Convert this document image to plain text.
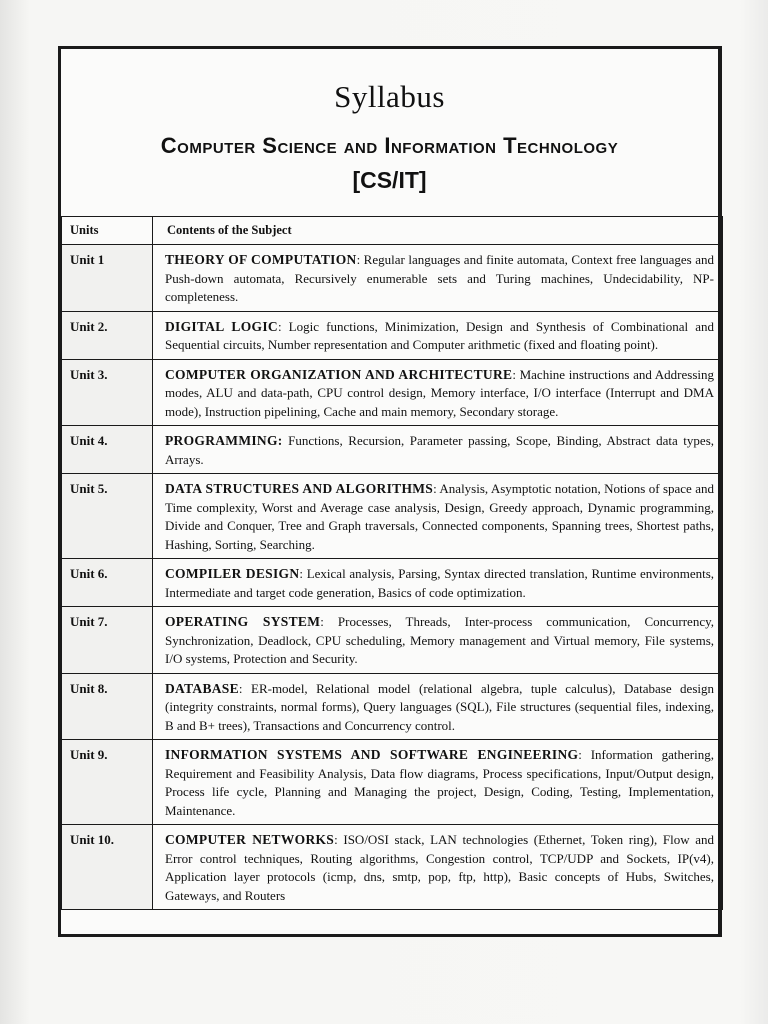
Syllabus
Computer Science and Information Technology
[CS/IT]
Units	Contents of the Subject
Unit 1	THEORY OF COMPUTATION: Regular languages and finite automata, Context free languages and Push-down automata, Recursively enumerable sets and Turing machines, Undecidability, NP-completeness.
Unit 2.	DIGITAL LOGIC: Logic functions, Minimization, Design and Synthesis of Combinational and Sequential circuits, Number representation and Computer arithmetic (fixed and floating point).
Unit 3.	COMPUTER ORGANIZATION AND ARCHITECTURE: Machine instructions and Addressing modes, ALU and data-path, CPU control design, Memory interface, I/O interface (Interrupt and DMA mode), Instruction pipelining, Cache and main memory, Secondary storage.
Unit 4.	PROGRAMMING: Functions, Recursion, Parameter passing, Scope, Binding, Abstract data types, Arrays.
Unit 5.	DATA STRUCTURES AND ALGORITHMS: Analysis, Asymptotic notation, Notions of space and Time complexity, Worst and Average case analysis, Design, Greedy approach, Dynamic programming, Divide and Conquer, Tree and Graph traversals, Connected components, Spanning trees, Shortest paths, Hashing, Sorting, Searching.
Unit 6.	COMPILER DESIGN: Lexical analysis, Parsing, Syntax directed translation, Runtime environments, Intermediate and target code generation, Basics of code optimization.
Unit 7.	OPERATING SYSTEM: Processes, Threads, Inter-process communication, Concurrency, Synchronization, Deadlock, CPU scheduling, Memory management and Virtual memory, File systems, I/O systems, Protection and Security.
Unit 8.	DATABASE: ER-model, Relational model (relational algebra, tuple calculus), Database design (integrity constraints, normal forms), Query languages (SQL), File structures (sequential files, indexing, B and B+ trees), Transactions and Concurrency control.
Unit 9.	INFORMATION SYSTEMS AND SOFTWARE ENGINEERING: Information gathering, Requirement and Feasibility Analysis, Data flow diagrams, Process specifications, Input/Output design, Process life cycle, Planning and Managing the project, Design, Coding, Testing, Implementation, Maintenance.
Unit 10.	COMPUTER NETWORKS: ISO/OSI stack, LAN technologies (Ethernet, Token ring), Flow and Error control techniques, Routing algorithms, Congestion control, TCP/UDP and Sockets, IP(v4), Application layer protocols (icmp, dns, smtp, pop, ftp, http), Basic concepts of Hubs, Switches, Gateways, and Routers
